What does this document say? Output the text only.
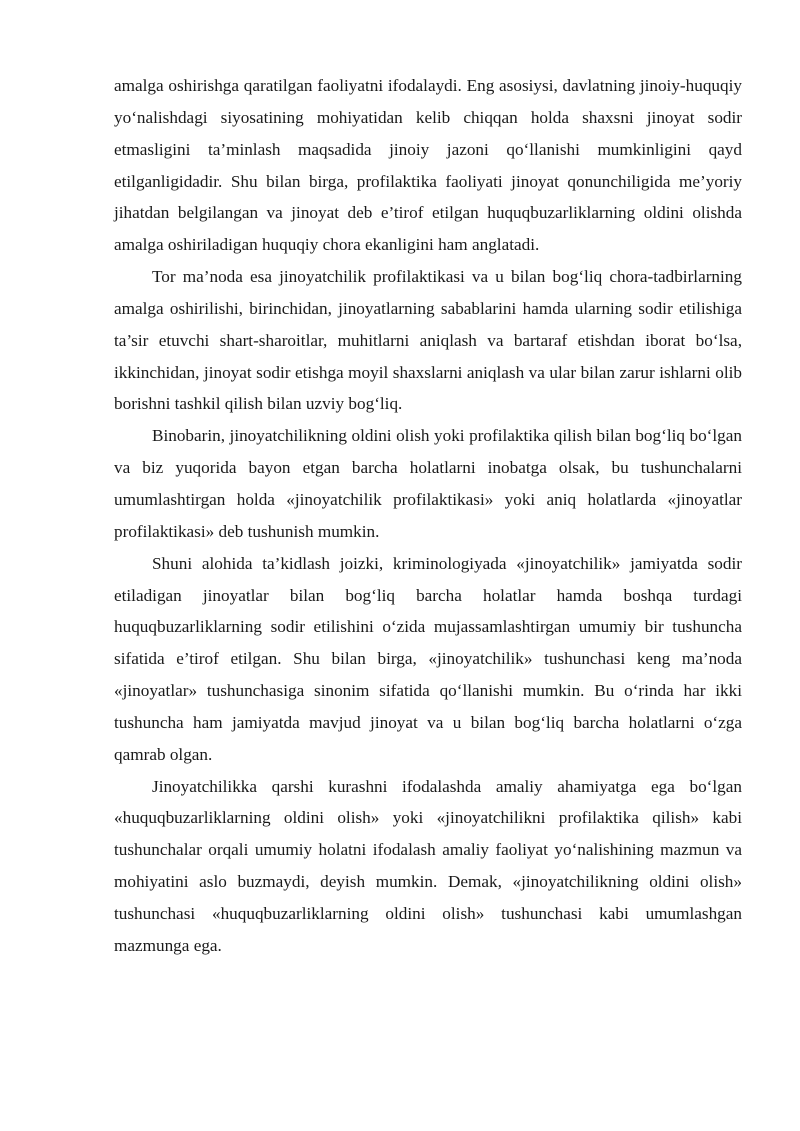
amalga oshirishga qaratilgan faoliyatni ifodalaydi. Eng asosiysi, davlatning jinoiy-huquqiy yo‘nalishdagi siyosatining mohiyatidan kelib chiqqan holda shaxsni jinoyat sodir etmasligini ta’minlash maqsadida jinoiy jazoni qo‘llanishi mumkinligini qayd etilganligidadir. Shu bilan birga, profilaktika faoliyati jinoyat qonunchiligida me’yoriy jihatdan belgilangan va jinoyat deb e’tirof etilgan huquqbuzarliklarning oldini olishda amalga oshiriladigan huquqiy chora ekanligini ham anglatadi.

Tor ma’noda esa jinoyatchilik profilaktikasi va u bilan bog‘liq chora-tadbirlarning amalga oshirilishi, birinchidan, jinoyatlarning sabablarini hamda ularning sodir etilishiga ta’sir etuvchi shart-sharoitlar, muhitlarni aniqlash va bartaraf etishdan iborat bo‘lsa, ikkinchidan, jinoyat sodir etishga moyil shaxslarni aniqlash va ular bilan zarur ishlarni olib borishni tashkil qilish bilan uzviy bog‘liq.

Binobarin, jinoyatchilikning oldini olish yoki profilaktika qilish bilan bog‘liq bo‘lgan va biz yuqorida bayon etgan barcha holatlarni inobatga olsak, bu tushunchalarni umumlashtirgan holda «jinoyatchilik profilaktikasi» yoki aniq holatlarda «jinoyatlar profilaktikasi» deb tushunish mumkin.

Shuni alohida ta’kidlash joizki, kriminologiyada «jinoyatchilik» jamiyatda sodir etiladigan jinoyatlar bilan bog‘liq barcha holatlar hamda boshqa turdagi huquqbuzarliklarning sodir etilishini o‘zida mujassamlashtirgan umumiy bir tushuncha sifatida e’tirof etilgan. Shu bilan birga, «jinoyatchilik» tushunchasi keng ma’noda «jinoyatlar» tushunchasiga sinonim sifatida qo‘llanishi mumkin. Bu o‘rinda har ikki tushuncha ham jamiyatda mavjud jinoyat va u bilan bog‘liq barcha holatlarni o‘zga qamrab olgan.

Jinoyatchilikka qarshi kurashni ifodalashda amaliy ahamiyatga ega bo‘lgan «huquqbuzarliklarning oldini olish» yoki «jinoyatchilikni profilaktika qilish» kabi tushunchalar orqali umumiy holatni ifodalash amaliy faoliyat yo‘nalishining mazmun va mohiyatini aslo buzmaydi, deyish mumkin. Demak, «jinoyatchilikning oldini olish» tushunchasi «huquqbuzarliklarning oldini olish» tushunchasi kabi umumlashgan mazmunga ega.
